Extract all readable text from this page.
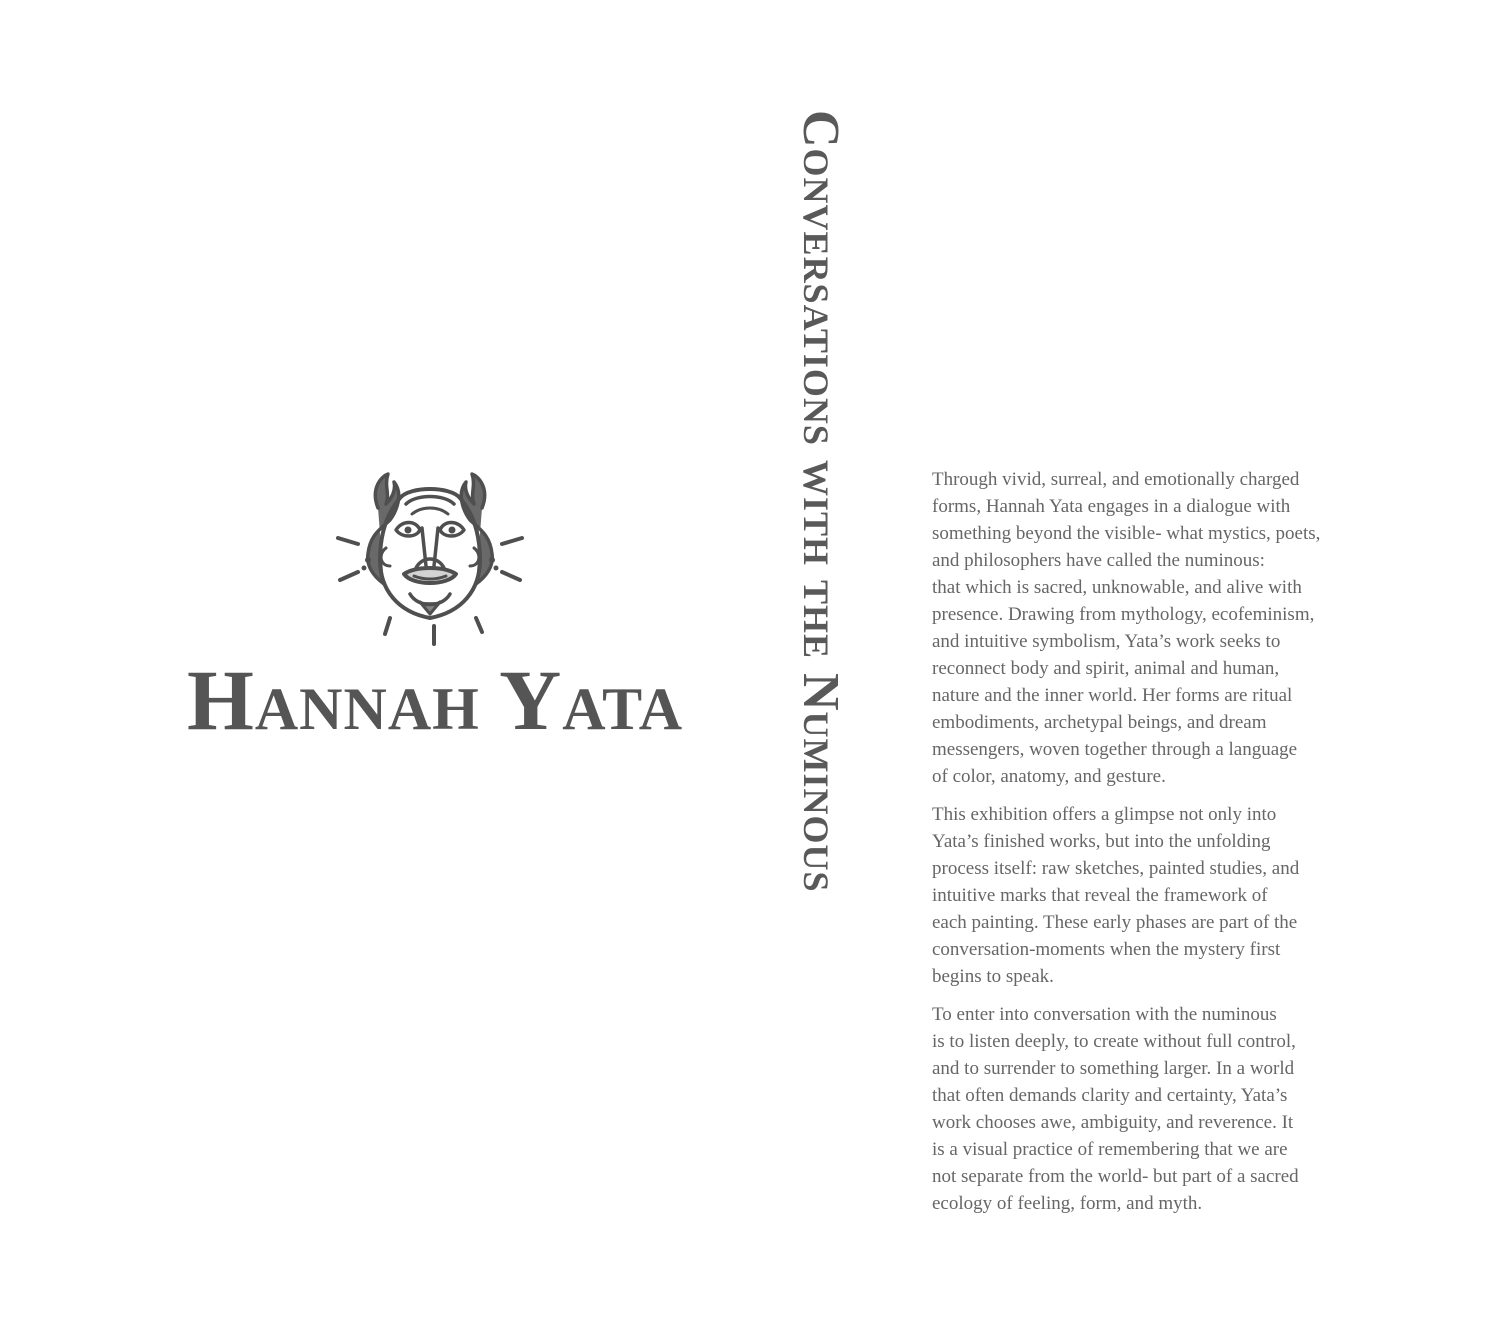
Hannah Yata	Conversations with the Numinous	Through vivid, surreal, and emotionally charged
forms, Hannah Yata engages in a dialogue with
something beyond the visible- what mystics, poets,
and philosophers have called the numinous:
that which is sacred, unknowable, and alive with
presence. Drawing from mythology, ecofeminism,
and intuitive symbolism, Yata’s work seeks to
reconnect body and spirit, animal and human,
nature and the inner world. Her forms are ritual
embodiments, archetypal beings, and dream
messengers, woven together through a language
of color, anatomy, and gesture.

This exhibition offers a glimpse not only into
Yata’s finished works, but into the unfolding
process itself: raw sketches, painted studies, and
intuitive marks that reveal the framework of
each painting. These early phases are part of the
conversation-moments when the mystery first
begins to speak.

To enter into conversation with the numinous
is to listen deeply, to create without full control,
and to surrender to something larger. In a world
that often demands clarity and certainty, Yata’s
work chooses awe, ambiguity, and reverence. It
is a visual practice of remembering that we are
not separate from the world- but part of a sacred
ecology of feeling, form, and myth.
